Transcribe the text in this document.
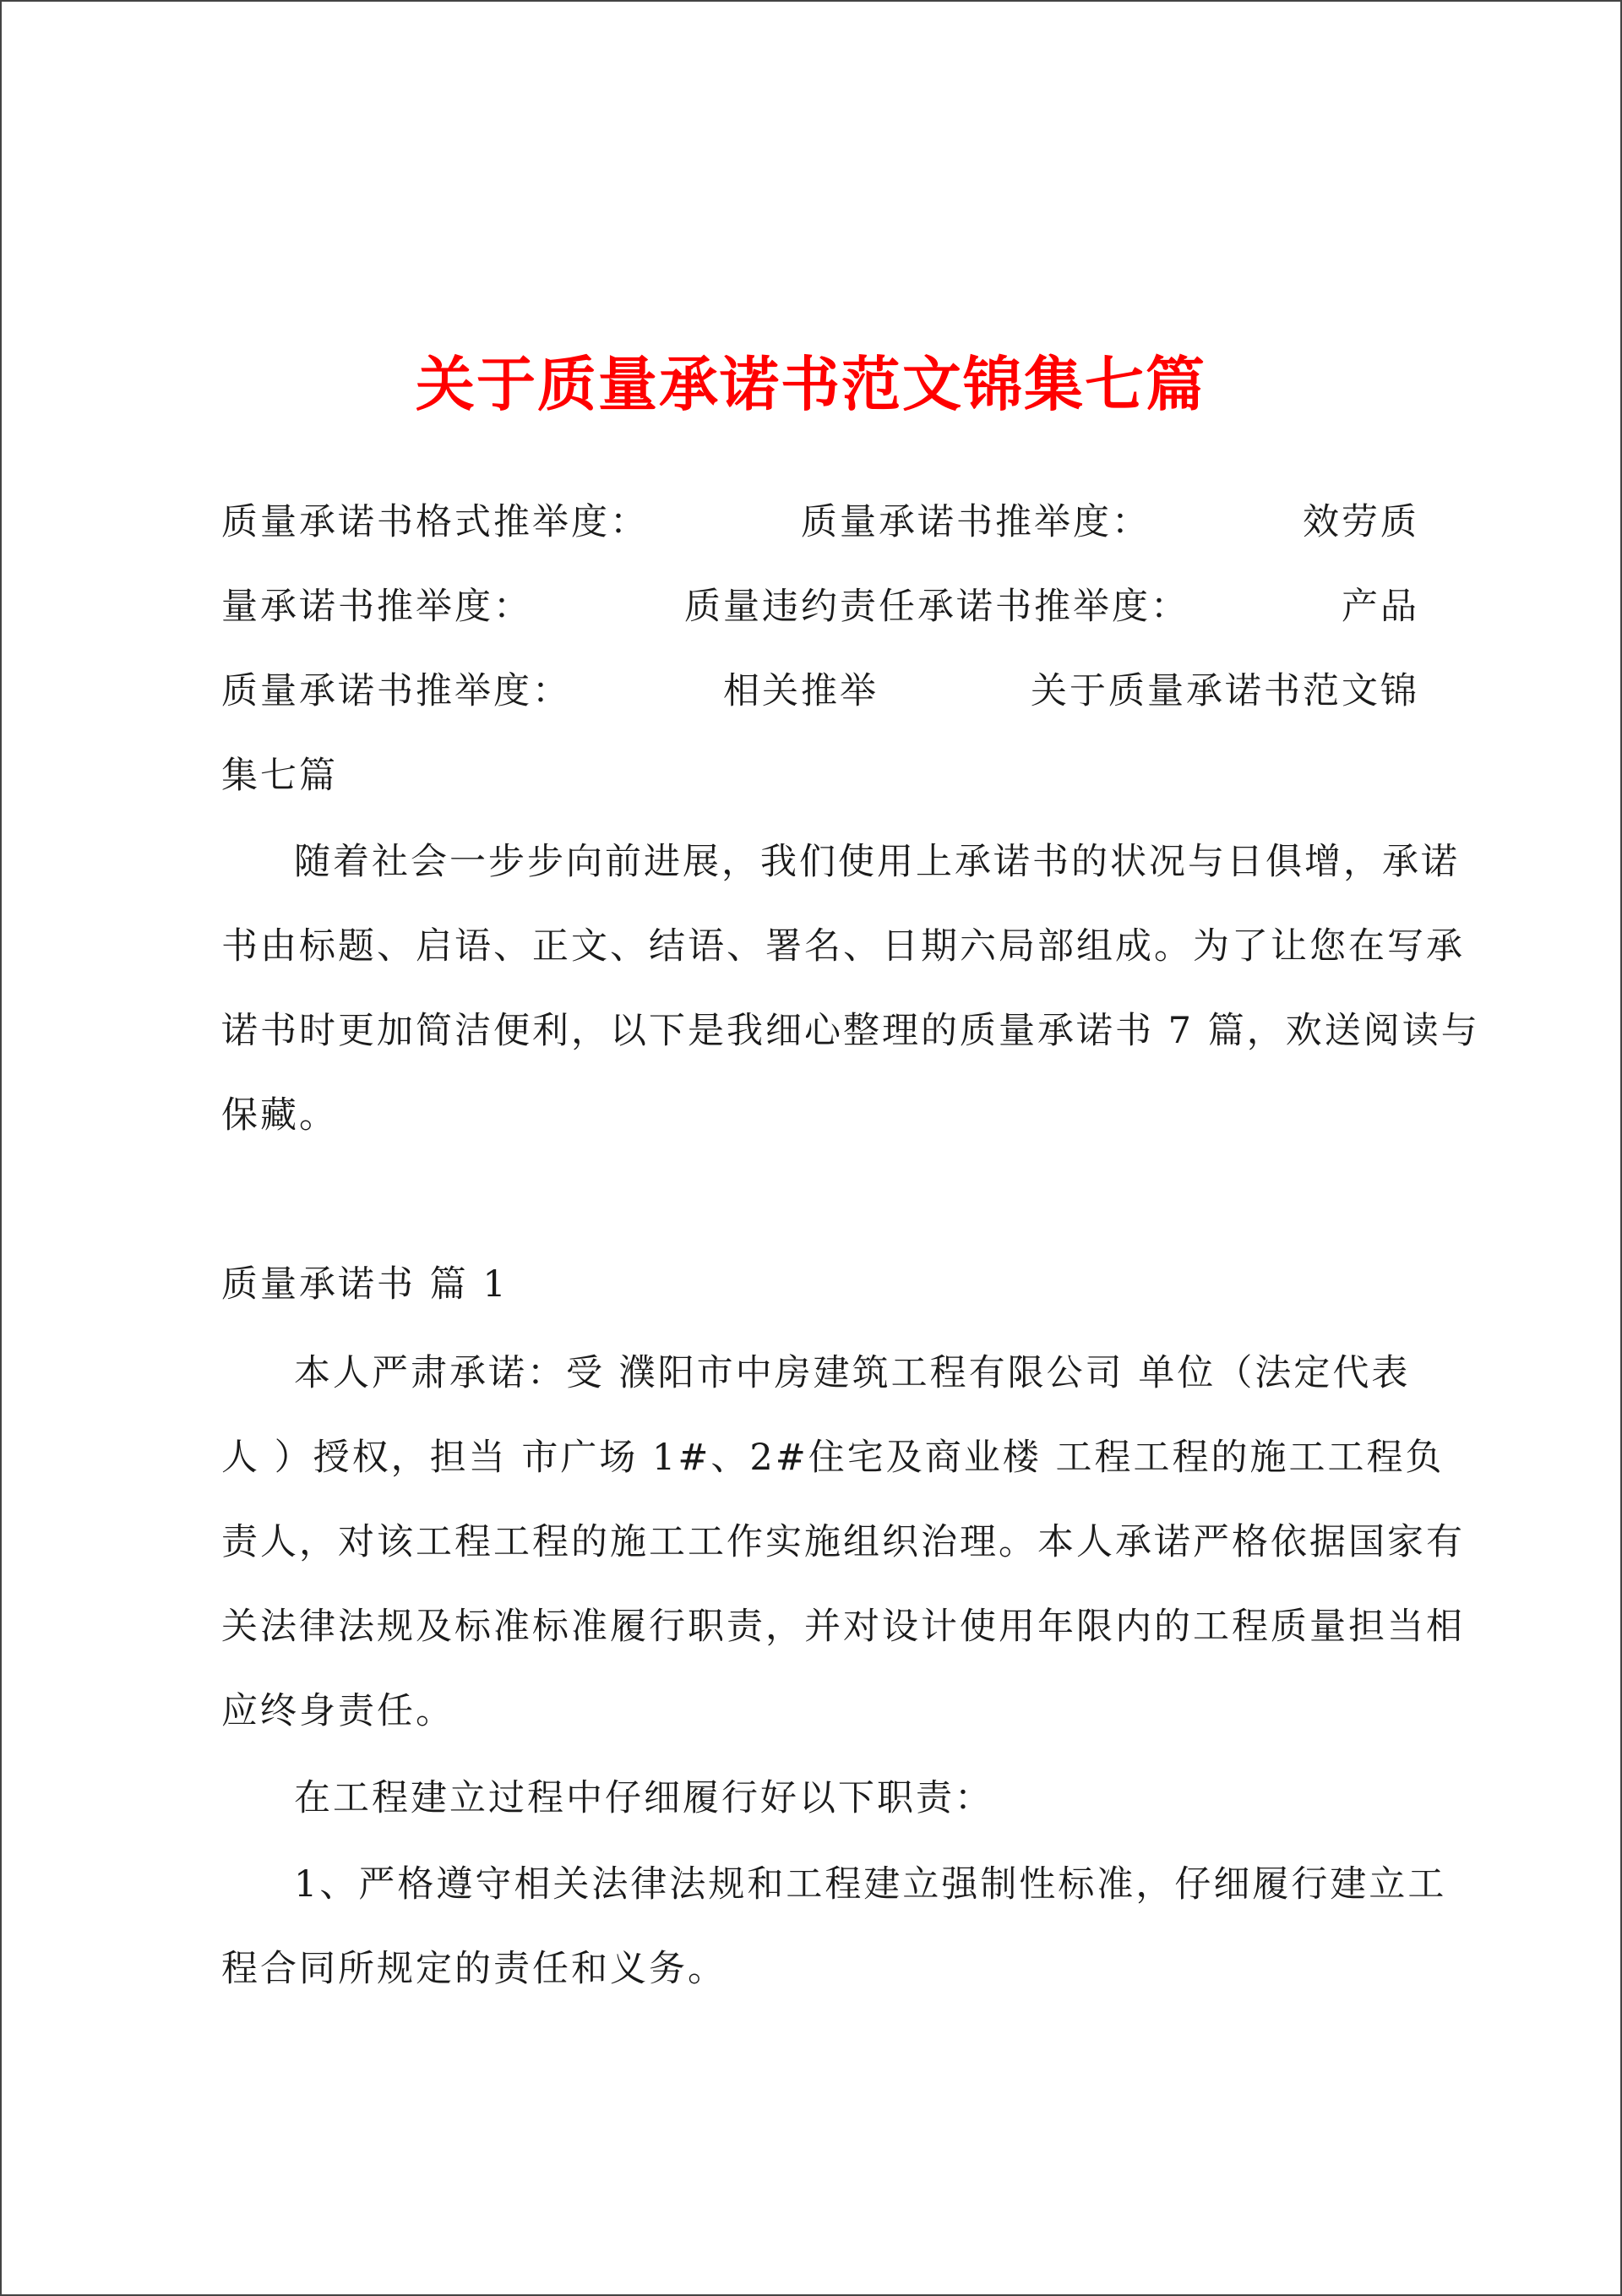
关于质量承诺书范文锦集七篇
质量承诺书格式推举度：	质量承诺书推举度：	效劳质
量承诺书推举度：	质量违约责任承诺书推举度：	产品
质量承诺书推举度：	相关推举	关于质量承诺书范文锦
集七篇
随着社会一步步向前进展，我们使用上承诺书的状况与日俱增，承诺
书由标题、启语、正文、结语、署名、日期六局部组成。为了让您在写承
诺书时更加简洁便利，以下是我细心整理的质量承诺书 7 篇，欢送阅读与
保藏。
质量承诺书 篇 1
本人严肃承诺：受 濮阳市中房建筑工程有限公司 单位（法定代表
人 ）授权，担当 市广场 1#、2#住宅及商业楼 工程工程的施工工程负
责人，对该工程工程的施工工作实施组织治理。本人承诺严格依据国家有
关法律法规及标准标准履行职责，并对设计使用年限内的工程质量担当相
应终身责任。
在工程建立过程中仔细履行好以下职责：
1、严格遵守相关法律法规和工程建立强制性标准，仔细履行建立工
程合同所规定的责任和义务。
